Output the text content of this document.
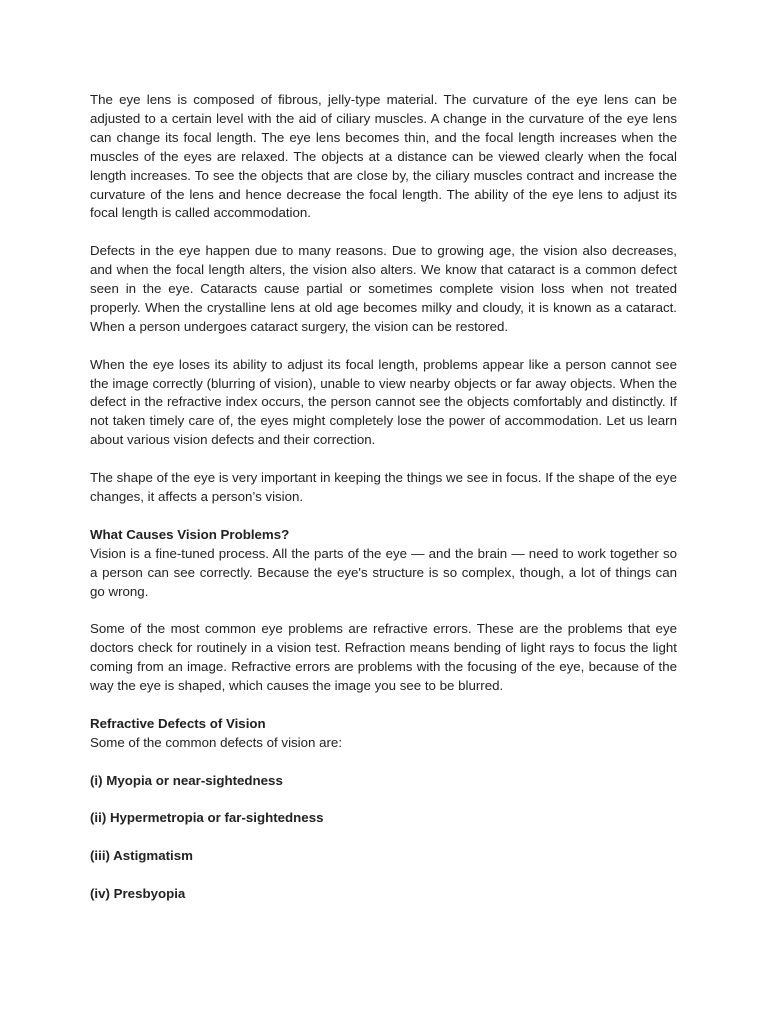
The eye lens is composed of fibrous, jelly-type material. The curvature of the eye lens can be adjusted to a certain level with the aid of ciliary muscles. A change in the curvature of the eye lens can change its focal length. The eye lens becomes thin, and the focal length increases when the muscles of the eyes are relaxed. The objects at a distance can be viewed clearly when the focal length increases. To see the objects that are close by, the ciliary muscles contract and increase the curvature of the lens and hence decrease the focal length. The ability of the eye lens to adjust its focal length is called accommodation.

Defects in the eye happen due to many reasons. Due to growing age, the vision also decreases, and when the focal length alters, the vision also alters. We know that cataract is a common defect seen in the eye. Cataracts cause partial or sometimes complete vision loss when not treated properly. When the crystalline lens at old age becomes milky and cloudy, it is known as a cataract. When a person undergoes cataract surgery, the vision can be restored.

When the eye loses its ability to adjust its focal length, problems appear like a person cannot see the image correctly (blurring of vision), unable to view nearby objects or far away objects. When the defect in the refractive index occurs, the person cannot see the objects comfortably and distinctly. If not taken timely care of, the eyes might completely lose the power of accommodation. Let us learn about various vision defects and their correction.

The shape of the eye is very important in keeping the things we see in focus. If the shape of the eye changes, it affects a person’s vision.

What Causes Vision Problems?

Vision is a fine-tuned process. All the parts of the eye — and the brain — need to work together so a person can see correctly. Because the eye's structure is so complex, though, a lot of things can go wrong.

Some of the most common eye problems are refractive errors. These are the problems that eye doctors check for routinely in a vision test. Refraction means bending of light rays to focus the light coming from an image. Refractive errors are problems with the focusing of the eye, because of the way the eye is shaped, which causes the image you see to be blurred.

Refractive Defects of Vision

Some of the common defects of vision are:

(i) Myopia or near-sightedness

(ii) Hypermetropia or far-sightedness

(iii) Astigmatism

(iv) Presbyopia
